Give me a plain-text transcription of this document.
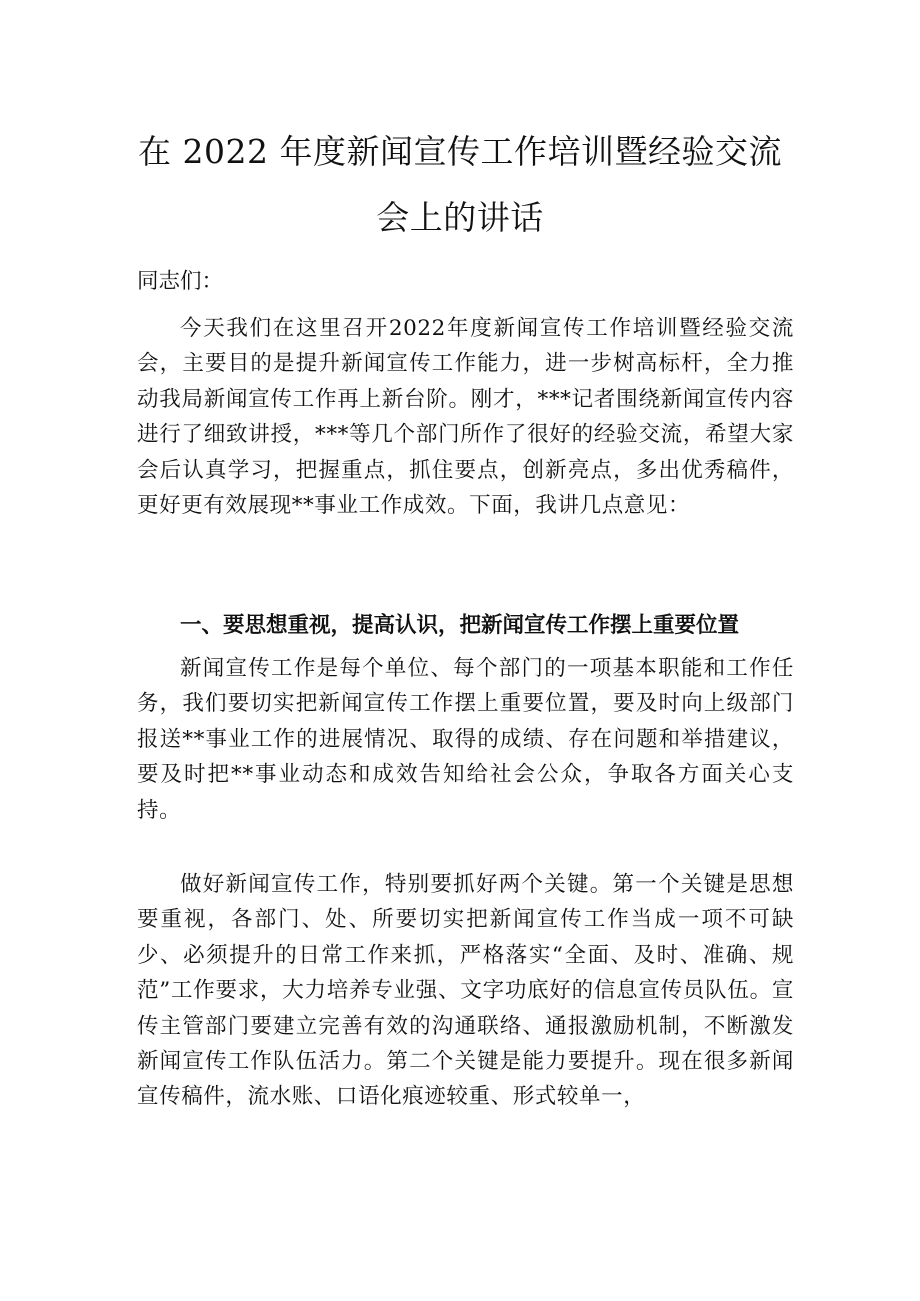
在 2022 年度新闻宣传工作培训暨经验交流
会上的讲话
同志们：

今天我们在这里召开2022年度新闻宣传工作培训暨经验交流会，主要目的是提升新闻宣传工作能力，进一步树高标杆，全力推动我局新闻宣传工作再上新台阶。刚才，***记者围绕新闻宣传内容进行了细致讲授，***等几个部门所作了很好的经验交流，希望大家会后认真学习，把握重点，抓住要点，创新亮点，多出优秀稿件，更好更有效展现**事业工作成效。下面，我讲几点意见：

一、要思想重视，提高认识，把新闻宣传工作摆上重要位置

新闻宣传工作是每个单位、每个部门的一项基本职能和工作任务，我们要切实把新闻宣传工作摆上重要位置，要及时向上级部门报送**事业工作的进展情况、取得的成绩、存在问题和举措建议，要及时把**事业动态和成效告知给社会公众，争取各方面关心支持。

做好新闻宣传工作，特别要抓好两个关键。第一个关键是思想要重视，各部门、处、所要切实把新闻宣传工作当成一项不可缺少、必须提升的日常工作来抓，严格落实“全面、及时、准确、规范”工作要求，大力培养专业强、文字功底好的信息宣传员队伍。宣传主管部门要建立完善有效的沟通联络、通报激励机制，不断激发新闻宣传工作队伍活力。第二个关键是能力要提升。现在很多新闻宣传稿件，流水账、口语化痕迹较重、形式较单一，
